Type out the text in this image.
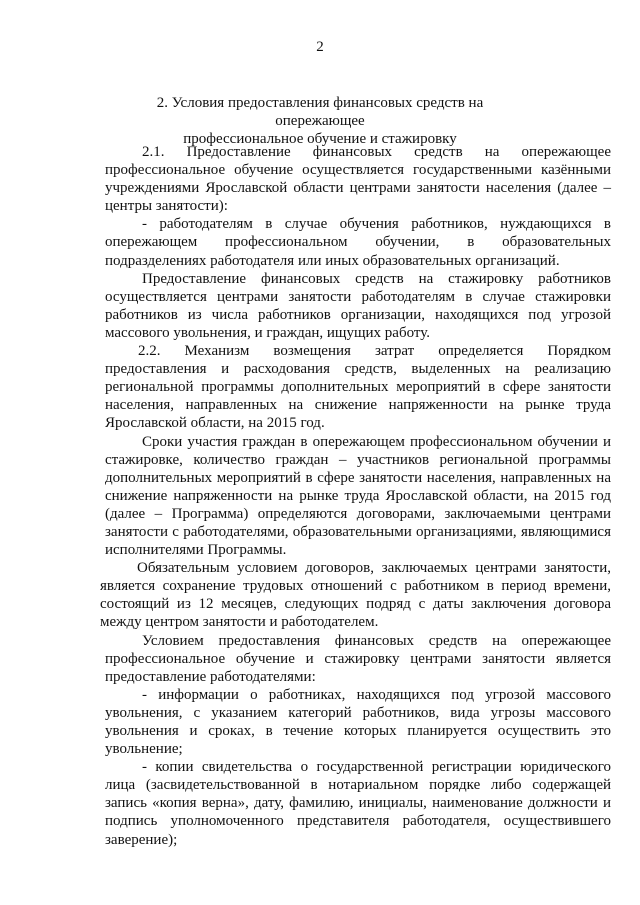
2
2. Условия предоставления финансовых средств на опережающее
профессиональное обучение и стажировку

2.1. Предоставление финансовых средств на опережающее профессиональное обучение осуществляется государственными казёнными учреждениями Ярославской области центрами занятости населения (далее – центры занятости):

- работодателям в случае обучения работников, нуждающихся в опережающем профессиональном обучении, в образовательных подразделениях работодателя или иных образовательных организаций.

Предоставление финансовых средств на стажировку работников осуществляется центрами занятости работодателям в случае стажировки работников из числа работников организации, находящихся под угрозой массового увольнения, и граждан, ищущих работу.

2.2. Механизм возмещения затрат определяется Порядком предоставления и расходования средств, выделенных на реализацию региональной программы дополнительных мероприятий в сфере занятости населения, направленных на снижение напряженности на рынке труда Ярославской области, на 2015 год.

Сроки участия граждан в опережающем профессиональном обучении и стажировке, количество граждан – участников региональной программы дополнительных мероприятий в сфере занятости населения, направленных на снижение напряженности на рынке труда Ярославской области, на 2015 год (далее – Программа) определяются договорами, заключаемыми центрами занятости с работодателями, образовательными организациями, являющимися исполнителями Программы.

Обязательным условием договоров, заключаемых центрами занятости, является сохранение трудовых отношений с работником в период времени, состоящий из 12 месяцев, следующих подряд с даты заключения договора между центром занятости и работодателем.

Условием предоставления финансовых средств на опережающее профессиональное обучение и стажировку центрами занятости является предоставление работодателями:

- информации о работниках, находящихся под угрозой массового увольнения, с указанием категорий работников, вида угрозы массового увольнения и сроках, в течение которых планируется осуществить это увольнение;

- копии свидетельства о государственной регистрации юридического лица (засвидетельствованной в нотариальном порядке либо содержащей запись «копия верна», дату, фамилию, инициалы, наименование должности и подпись уполномоченного представителя работодателя, осуществившего заверение);
